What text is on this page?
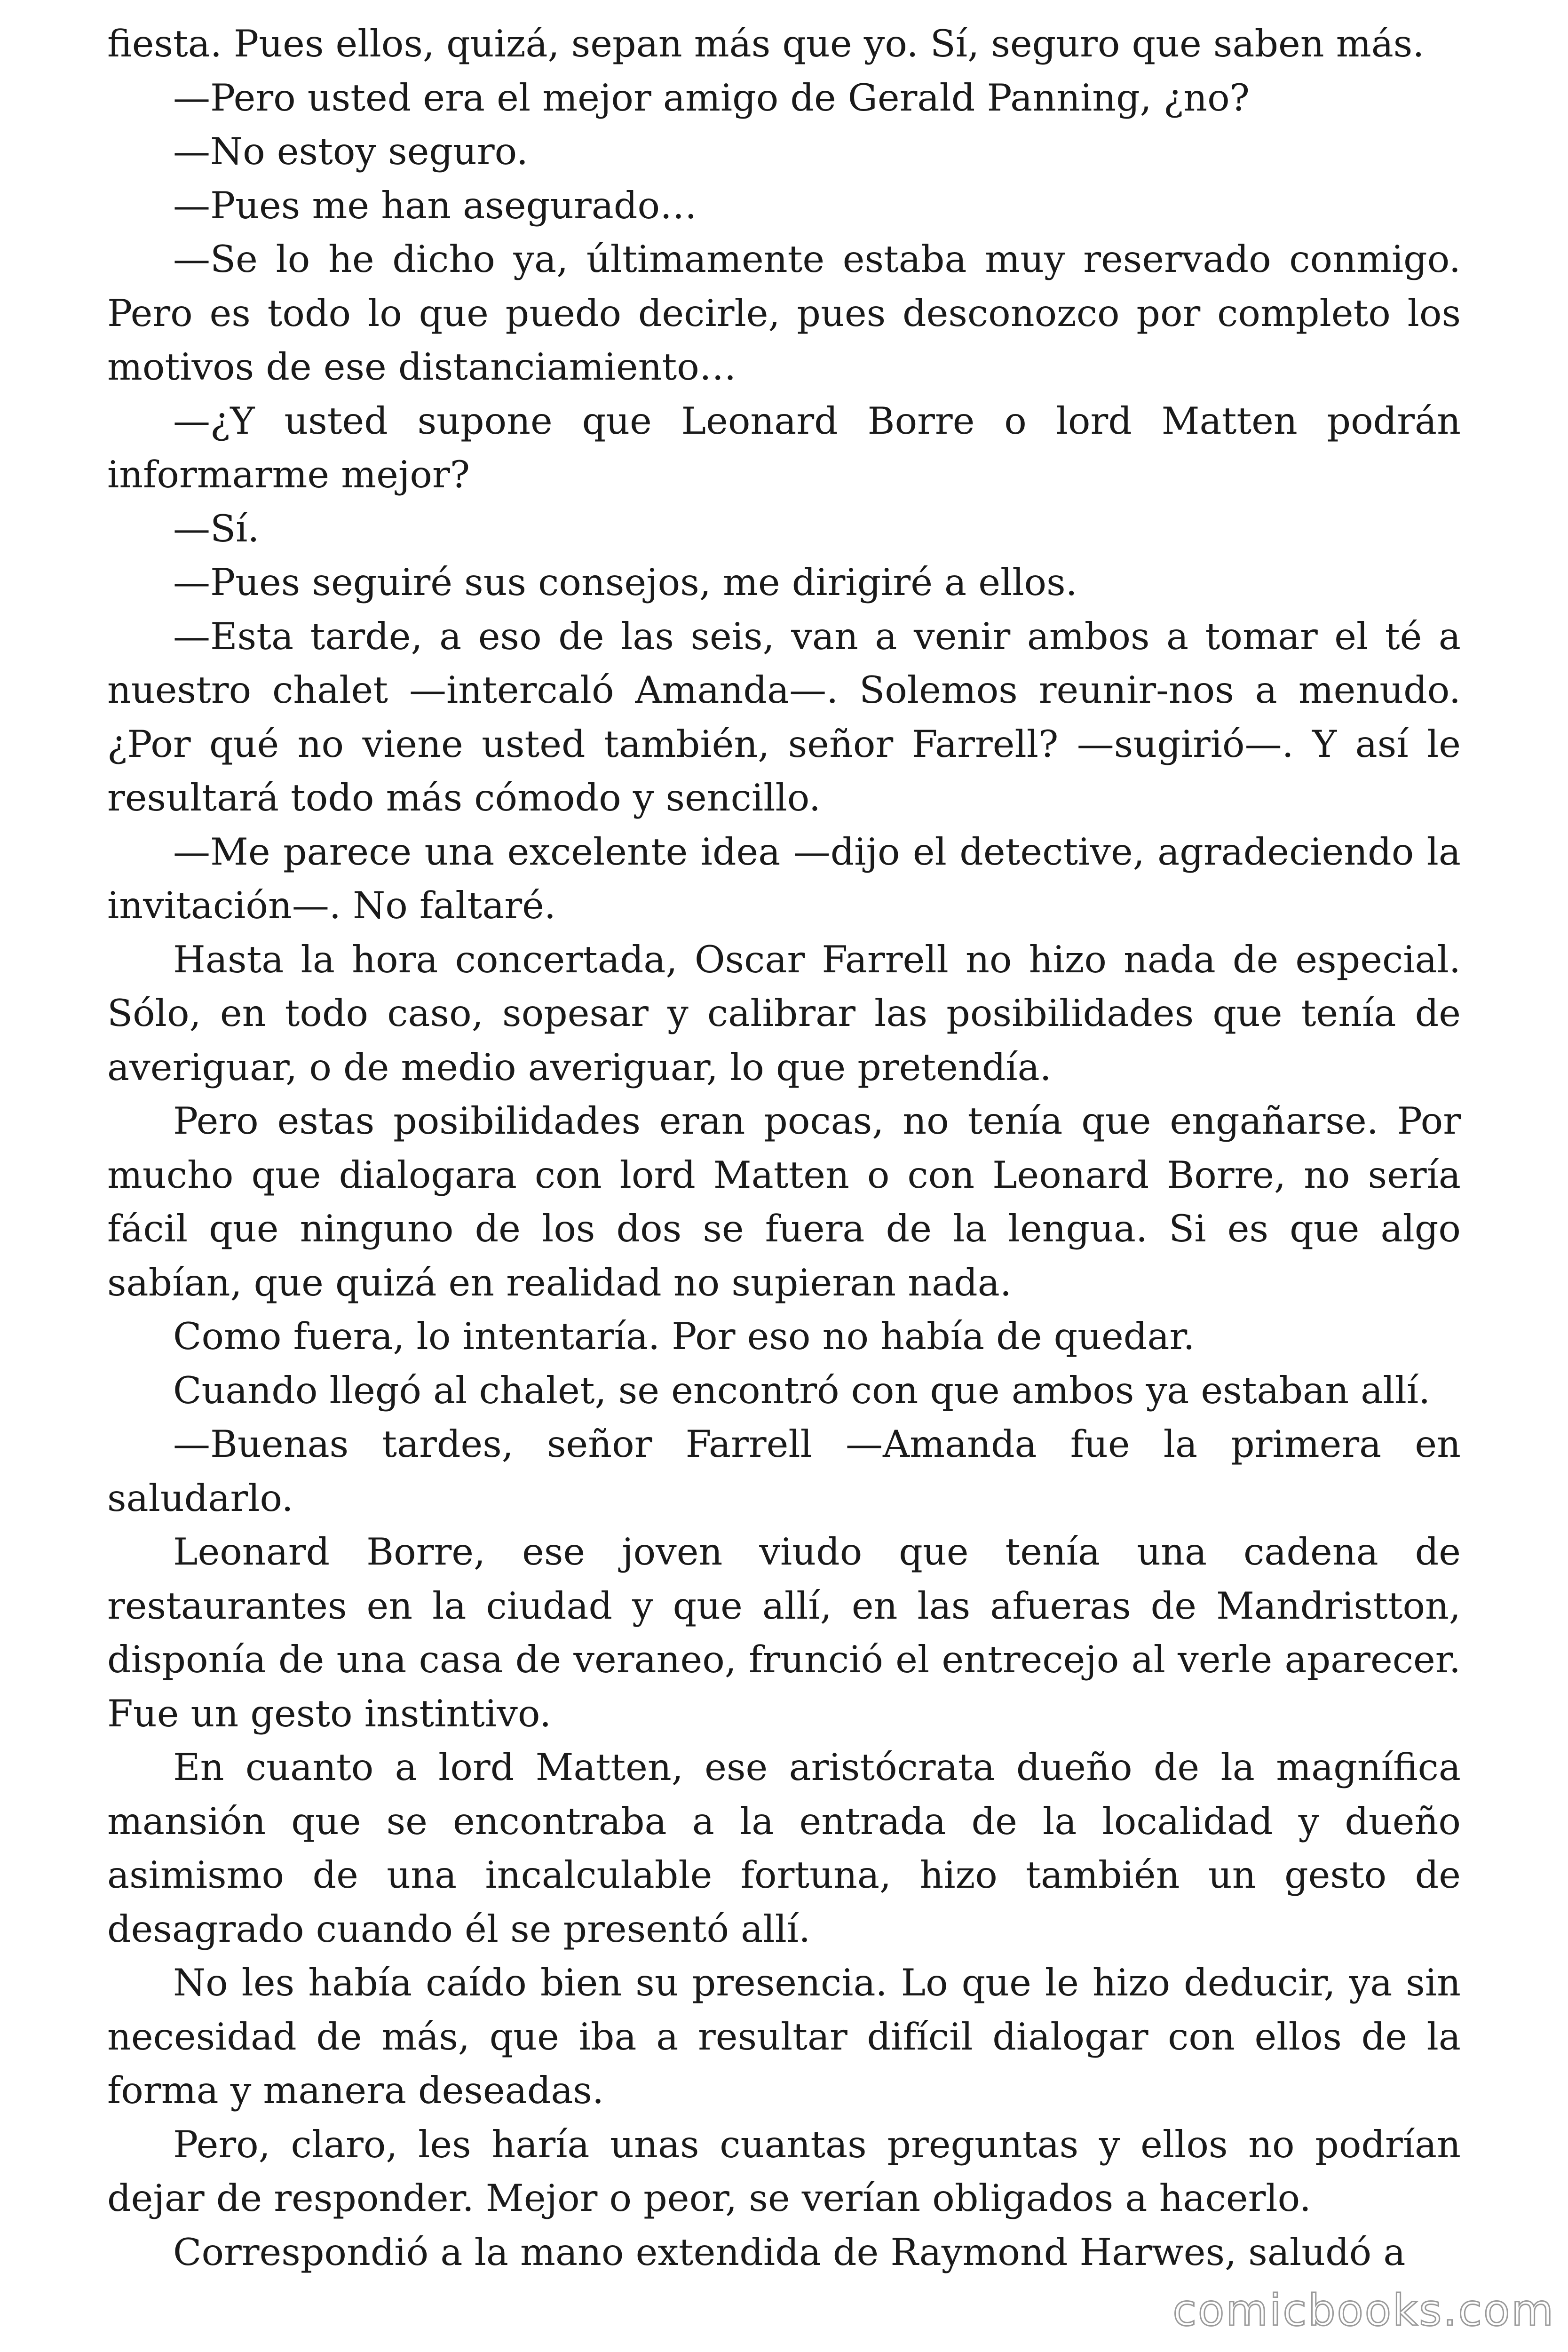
fiesta. Pues ellos, quizá, sepan más que yo. Sí, seguro que saben más.

—Pero usted era el mejor amigo de Gerald Panning, ¿no?

—No estoy seguro.

—Pues me han asegurado…

—Se lo he dicho ya, últimamente estaba muy reservado conmigo. Pero es todo lo que puedo decirle, pues desconozco por completo los motivos de ese distanciamiento…

—¿Y usted supone que Leonard Borre o lord Matten podrán informarme mejor?

—Sí.

—Pues seguiré sus consejos, me dirigiré a ellos.

—Esta tarde, a eso de las seis, van a venir ambos a tomar el té a nuestro chalet —intercaló Amanda—. Solemos reunir-nos a menudo. ¿Por qué no viene usted también, señor Farrell? —sugirió—. Y así le resultará todo más cómodo y sencillo.

—Me parece una excelente idea —dijo el detective, agradeciendo la invitación—. No faltaré.

Hasta la hora concertada, Oscar Farrell no hizo nada de especial. Sólo, en todo caso, sopesar y calibrar las posibilidades que tenía de averiguar, o de medio averiguar, lo que pretendía.

Pero estas posibilidades eran pocas, no tenía que engañarse. Por mucho que dialogara con lord Matten o con Leonard Borre, no sería fácil que ninguno de los dos se fuera de la lengua. Si es que algo sabían, que quizá en realidad no supieran nada.

Como fuera, lo intentaría. Por eso no había de quedar.

Cuando llegó al chalet, se encontró con que ambos ya estaban allí.

—Buenas tardes, señor Farrell —Amanda fue la primera en saludarlo.

Leonard Borre, ese joven viudo que tenía una cadena de restaurantes en la ciudad y que allí, en las afueras de Mandristton, disponía de una casa de veraneo, frunció el entrecejo al verle aparecer. Fue un gesto instintivo.

En cuanto a lord Matten, ese aristócrata dueño de la magnífica mansión que se encontraba a la entrada de la localidad y dueño asimismo de una incalculable fortuna, hizo también un gesto de desagrado cuando él se presentó allí.

No les había caído bien su presencia. Lo que le hizo deducir, ya sin necesidad de más, que iba a resultar difícil dialogar con ellos de la forma y manera deseadas.

Pero, claro, les haría unas cuantas preguntas y ellos no podrían dejar de responder. Mejor o peor, se verían obligados a hacerlo.

Correspondió a la mano extendida de Raymond Harwes, saludó a

comicbooks.com
